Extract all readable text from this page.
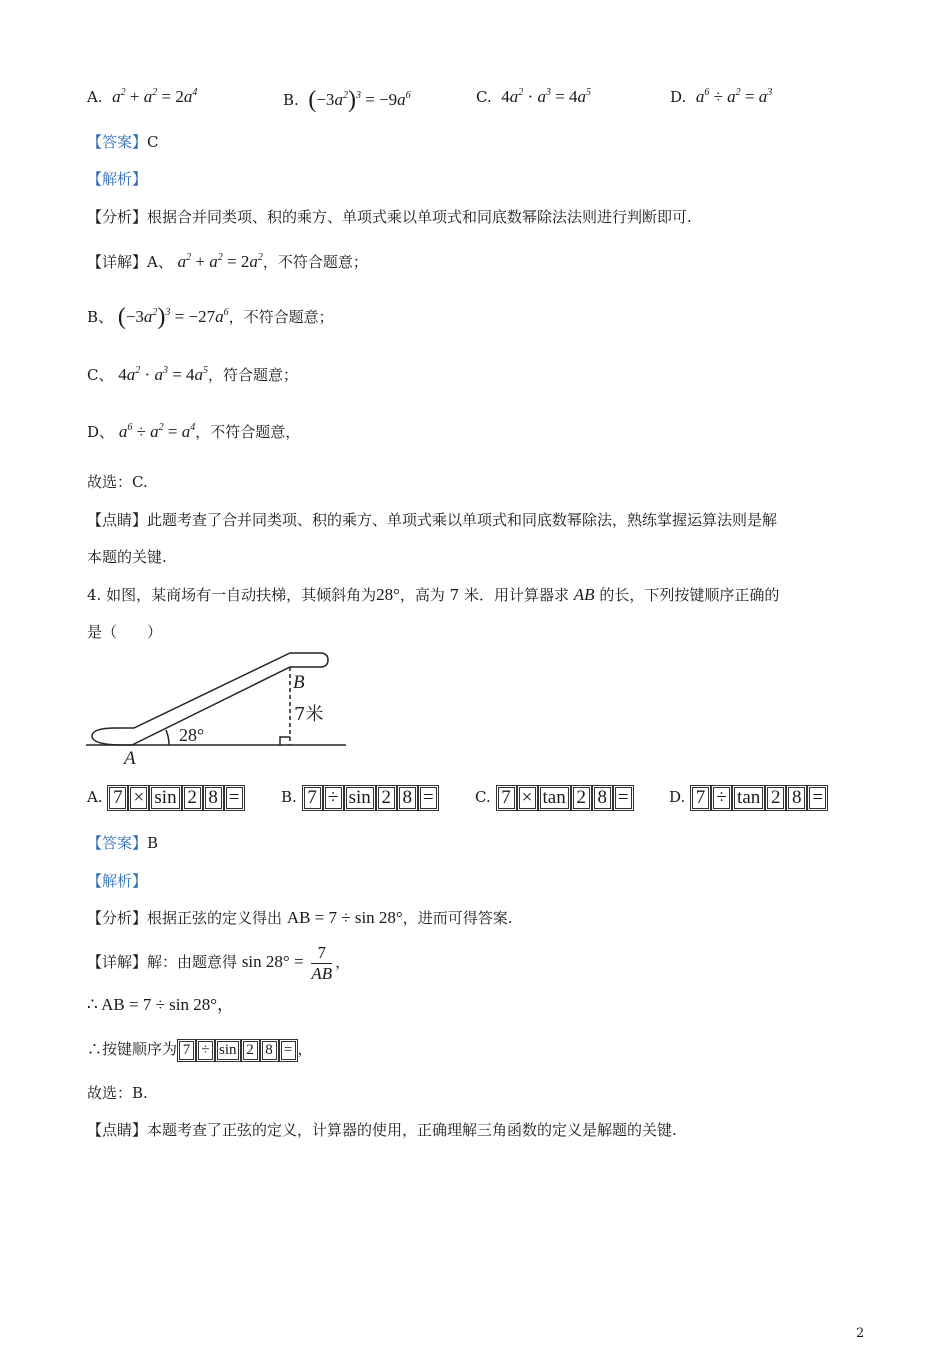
A. $a^2 + a^2 = 2a^4$	B. $(-3a^2)^3 = -9a^6$	C. $4a^2 \cdot a^3 = 4a^5$	D. $a^6 \div a^2 = a^3$
【答案】C
【解析】
【分析】根据合并同类项、积的乘方、单项式乘以单项式和同底数幂除法法则进行判断即可.
【详解】A、 $a^2 + a^2 = 2a^2$，不符合题意；
B、 $(-3a^2)^3 = -27a^6$，不符合题意；
C、 $4a^2 \cdot a^3 = 4a^5$，符合题意；
D、 $a^6 \div a^2 = a^4$，不符合题意，
故选：C.
【点睛】此题考查了合并同类项、积的乘方、单项式乘以单项式和同底数幂除法，熟练掌握运算法则是解
本题的关键.
4. 如图，某商场有一自动扶梯，其倾斜角为28°，高为 7 米．用计算器求 AB 的长，下列按键顺序正确的
是（　　）
B
7米
28°
A
A. 7 × sin 2 8 =	B. 7 ÷ sin 2 8 =	C. 7 × tan 2 8 =	D. 7 ÷ tan 2 8 =
【答案】B
【解析】
【分析】根据正弦的定义得出 AB = 7 ÷ sin 28°，进而可得答案.
【详解】解：由题意得 $\sin 28^\circ = \frac{7}{AB}$ ，
∴ AB = 7 ÷ sin 28°，
∴按键顺序为 7 ÷ sin 2 8 = ，
故选：B.
【点睛】本题考查了正弦的定义，计算器的使用，正确理解三角函数的定义是解题的关键.
2
